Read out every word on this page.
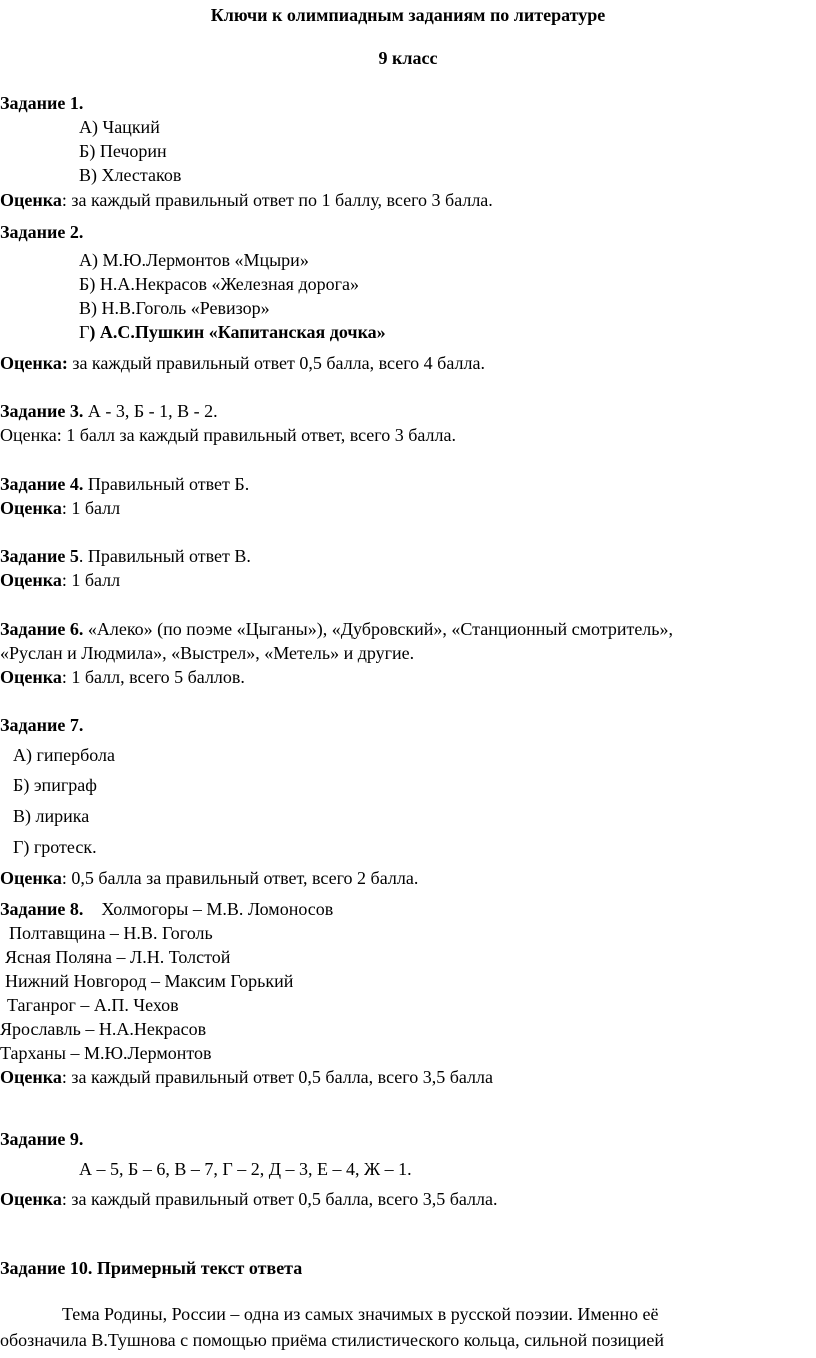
Ключи к олимпиадным заданиям по литературе
9 класс
Задание 1.
А) Чацкий
Б) Печорин
В) Хлестаков
Оценка: за каждый правильный ответ по 1 баллу, всего 3 балла.
Задание 2.
А) М.Ю.Лермонтов «Мцыри»
Б) Н.А.Некрасов «Железная дорога»
В) Н.В.Гоголь «Ревизор»
Г) А.С.Пушкин «Капитанская дочка»
Оценка: за каждый правильный ответ 0,5 балла, всего 4 балла.
Задание 3. А - 3, Б - 1, В - 2.
Оценка: 1 балл за каждый правильный ответ, всего 3 балла.
Задание 4. Правильный ответ Б.
Оценка: 1 балл
Задание 5. Правильный ответ В.
Оценка: 1 балл
Задание 6. «Алеко» (по поэме «Цыганы»), «Дубровский», «Станционный смотритель»,
«Руслан и Людмила», «Выстрел», «Метель» и другие.
Оценка: 1 балл, всего 5 баллов.
Задание 7.
А) гипербола
Б) эпиграф
В) лирика
Г) гротеск.
Оценка: 0,5 балла за правильный ответ, всего 2 балла.
Задание 8.    Холмогоры – М.В. Ломоносов
Полтавщина – Н.В. Гоголь
Ясная Поляна – Л.Н. Толстой
Нижний Новгород – Максим Горький
Таганрог – А.П. Чехов
Ярославль – Н.А.Некрасов
Тарханы – М.Ю.Лермонтов
Оценка: за каждый правильный ответ 0,5 балла, всего 3,5 балла
Задание 9.
А – 5, Б – 6, В – 7, Г – 2, Д – 3, Е – 4, Ж – 1.
Оценка: за каждый правильный ответ 0,5 балла, всего 3,5 балла.
Задание 10. Примерный текст ответа
Тема Родины, России – одна из самых значимых в русской поэзии. Именно её
обозначила В.Тушнова с помощью приёма стилистического кольца, сильной позицией
